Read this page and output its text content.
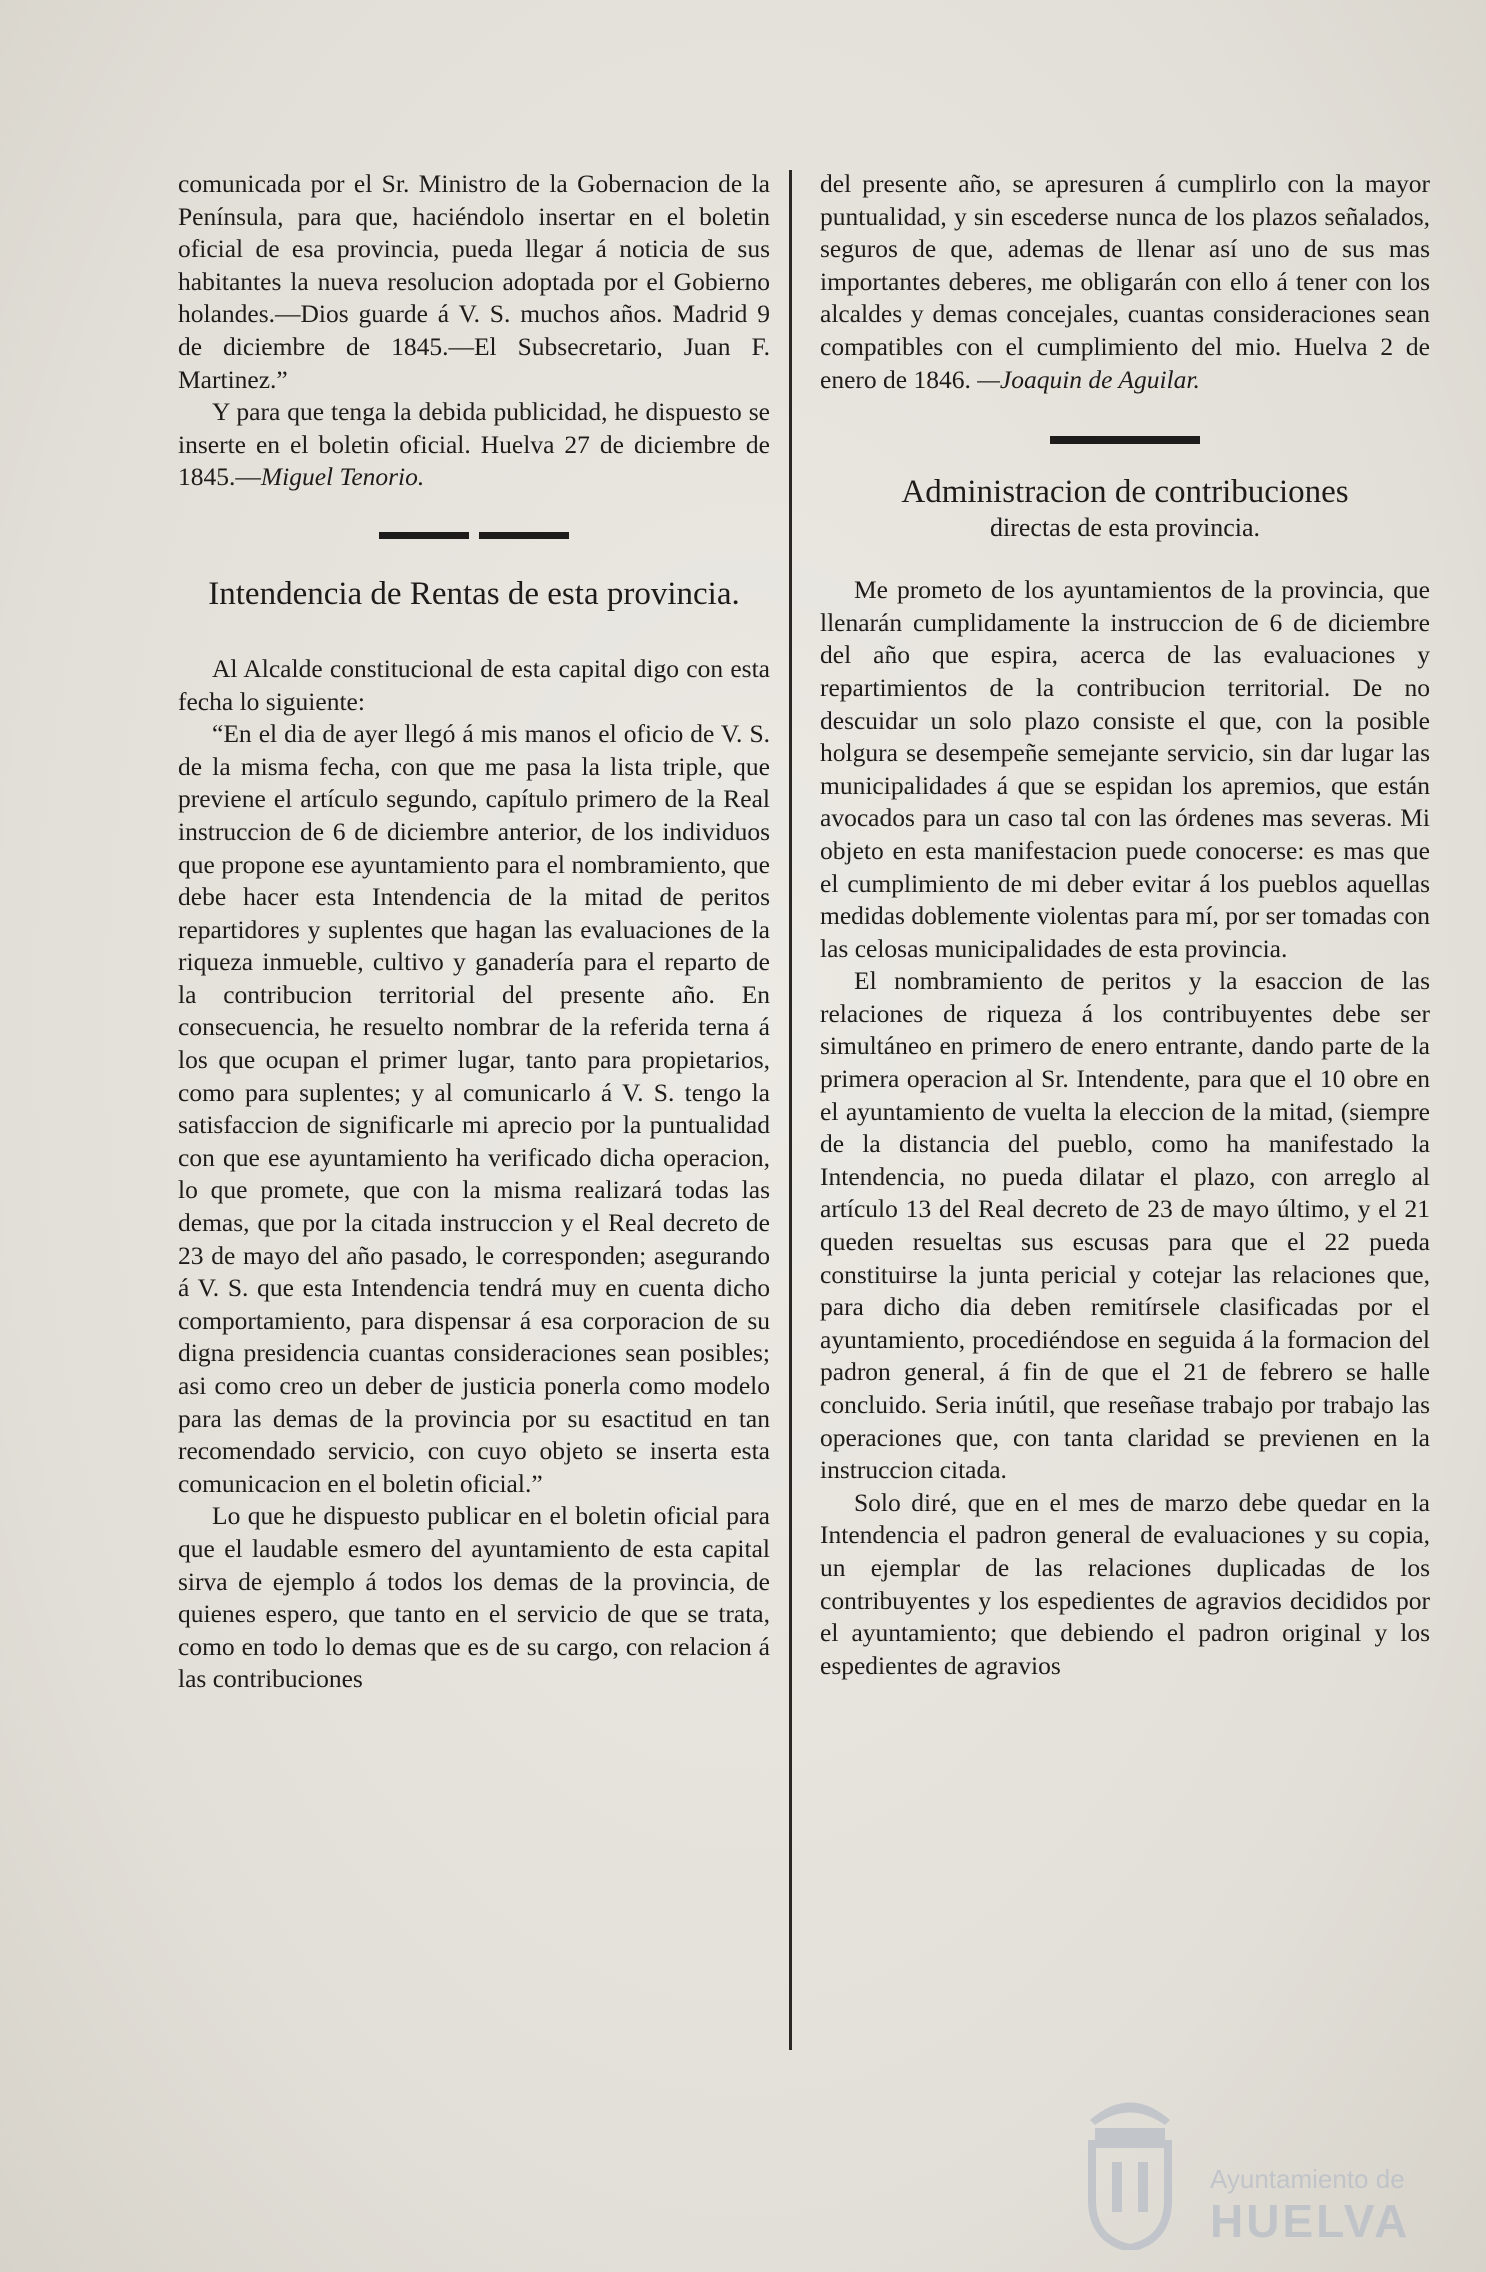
comunicada por el Sr. Ministro de la Gobernacion de la Península, para que, haciéndolo insertar en el boletin oficial de esa provincia, pueda llegar á noticia de sus habitantes la nueva resolucion adoptada por el Gobierno holandes.—Dios guarde á V. S. muchos años. Madrid 9 de diciembre de 1845.—El Subsecretario, Juan F. Martinez.”

Y para que tenga la debida publicidad, he dispuesto se inserte en el boletin oficial. Huelva 27 de diciembre de 1845.—Miguel Tenorio.

Intendencia de Rentas de esta provincia.

Al Alcalde constitucional de esta capital digo con esta fecha lo siguiente:

“En el dia de ayer llegó á mis manos el oficio de V. S. de la misma fecha, con que me pasa la lista triple, que previene el artículo segundo, capítulo primero de la Real instruccion de 6 de diciembre anterior, de los individuos que propone ese ayuntamiento para el nombramiento, que debe hacer esta Intendencia de la mitad de peritos repartidores y suplentes que hagan las evaluaciones de la riqueza inmueble, cultivo y ganadería para el reparto de la contribucion territorial del presente año. En consecuencia, he resuelto nombrar de la referida terna á los que ocupan el primer lugar, tanto para propietarios, como para suplentes; y al comunicarlo á V. S. tengo la satisfaccion de significarle mi aprecio por la puntualidad con que ese ayuntamiento ha verificado dicha operacion, lo que promete, que con la misma realizará todas las demas, que por la citada instruccion y el Real decreto de 23 de mayo del año pasado, le corresponden; asegurando á V. S. que esta Intendencia tendrá muy en cuenta dicho comportamiento, para dispensar á esa corporacion de su digna presidencia cuantas consideraciones sean posibles; asi como creo un deber de justicia ponerla como modelo para las demas de la provincia por su esactitud en tan recomendado servicio, con cuyo objeto se inserta esta comunicacion en el boletin oficial.”

Lo que he dispuesto publicar en el boletin oficial para que el laudable esmero del ayuntamiento de esta capital sirva de ejemplo á todos los demas de la provincia, de quienes espero, que tanto en el servicio de que se trata, como en todo lo demas que es de su cargo, con relacion á las contribuciones

del presente año, se apresuren á cumplirlo con la mayor puntualidad, y sin escederse nunca de los plazos señalados, seguros de que, ademas de llenar así uno de sus mas importantes deberes, me obligarán con ello á tener con los alcaldes y demas concejales, cuantas consideraciones sean compatibles con el cumplimiento del mio. Huelva 2 de enero de 1846. —Joaquin de Aguilar.

Administracion de contribuciones
directas de esta provincia.

Me prometo de los ayuntamientos de la provincia, que llenarán cumplidamente la instruccion de 6 de diciembre del año que espira, acerca de las evaluaciones y repartimientos de la contribucion territorial. De no descuidar un solo plazo consiste el que, con la posible holgura se desempeñe semejante servicio, sin dar lugar las municipalidades á que se espidan los apremios, que están avocados para un caso tal con las órdenes mas severas. Mi objeto en esta manifestacion puede conocerse: es mas que el cumplimiento de mi deber evitar á los pueblos aquellas medidas doblemente violentas para mí, por ser tomadas con las celosas municipalidades de esta provincia.

El nombramiento de peritos y la esaccion de las relaciones de riqueza á los contribuyentes debe ser simultáneo en primero de enero entrante, dando parte de la primera operacion al Sr. Intendente, para que el 10 obre en el ayuntamiento de vuelta la eleccion de la mitad, (siempre de la distancia del pueblo, como ha manifestado la Intendencia, no pueda dilatar el plazo, con arreglo al artículo 13 del Real decreto de 23 de mayo último, y el 21 queden resueltas sus escusas para que el 22 pueda constituirse la junta pericial y cotejar las relaciones que, para dicho dia deben remitírsele clasificadas por el ayuntamiento, procediéndose en seguida á la formacion del padron general, á fin de que el 21 de febrero se halle concluido. Seria inútil, que reseñase trabajo por trabajo las operaciones que, con tanta claridad se previenen en la instruccion citada.

Solo diré, que en el mes de marzo debe quedar en la Intendencia el padron general de evaluaciones y su copia, un ejemplar de las relaciones duplicadas de los contribuyentes y los espedientes de agravios decididos por el ayuntamiento; que debiendo el padron original y los espedientes de agravios

Ayuntamiento de
HUELVA
